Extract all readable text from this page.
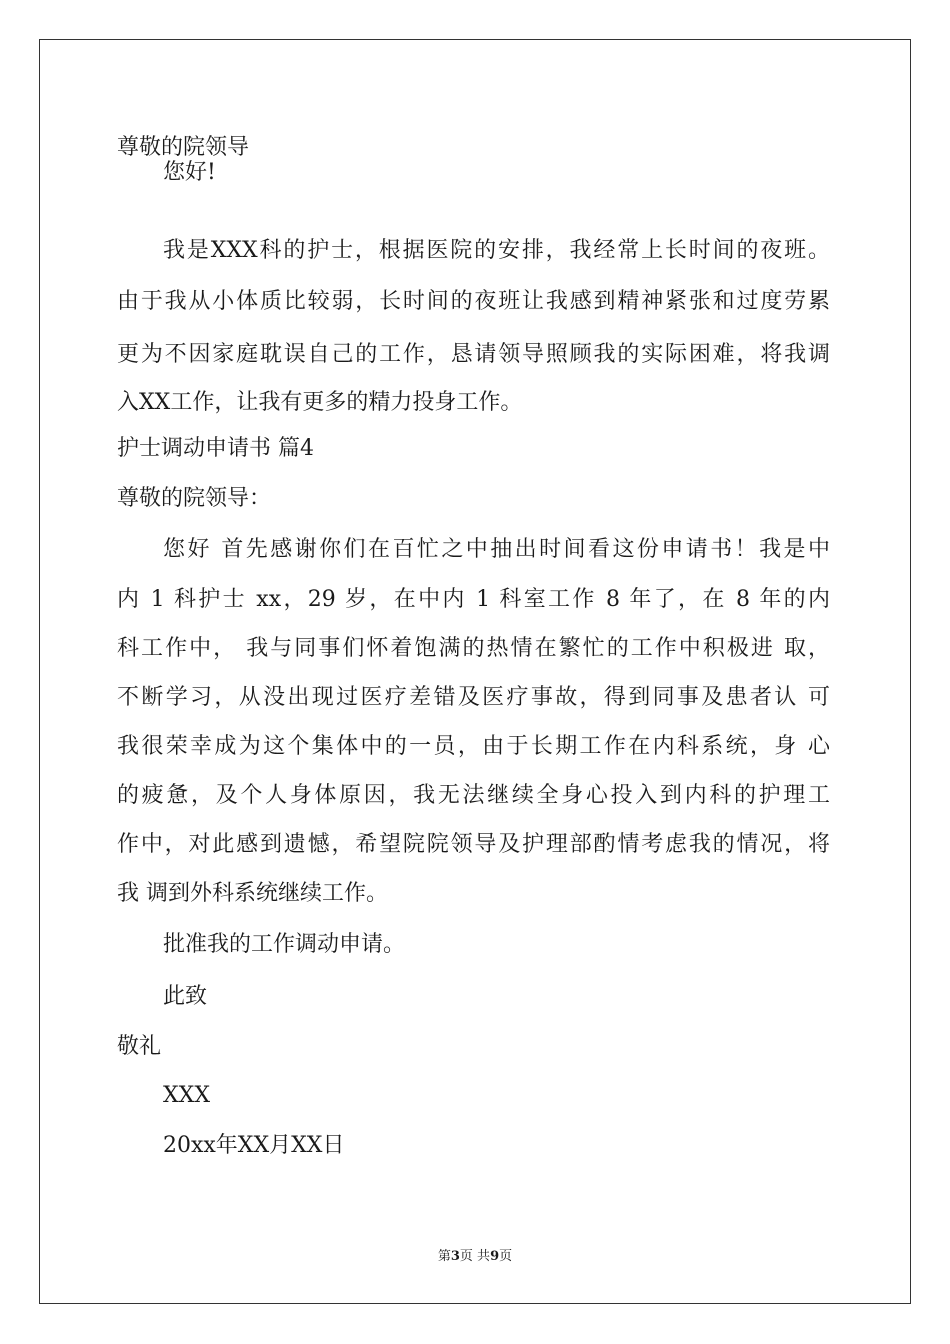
尊敬的院领导
您好!
我是XXX科的护士，根据医院的安排，我经常上长时间的夜班。
由于我从小体质比较弱，长时间的夜班让我感到精神紧张和过度劳累
更为不因家庭耽误自己的工作，恳请领导照顾我的实际困难，将我调
入XX工作，让我有更多的精力投身工作。
护士调动申请书 篇4
尊敬的院领导：
您好 首先感谢你们在百忙之中抽出时间看这份申请书！我是中
内 1 科护士 xx，29 岁，在中内 1 科室工作 8 年了，在 8 年的内
科工作中， 我与同事们怀着饱满的热情在繁忙的工作中积极进 取，
不断学习，从没出现过医疗差错及医疗事故，得到同事及患者认 可
我很荣幸成为这个集体中的一员，由于长期工作在内科系统，身 心
的疲惫，及个人身体原因，我无法继续全身心投入到内科的护理工
作中，对此感到遗憾，希望院院领导及护理部酌情考虑我的情况，将
我 调到外科系统继续工作。
批准我的工作调动申请。
此致
敬礼
XXX
20xx年XX月XX日
第3页 共9页
